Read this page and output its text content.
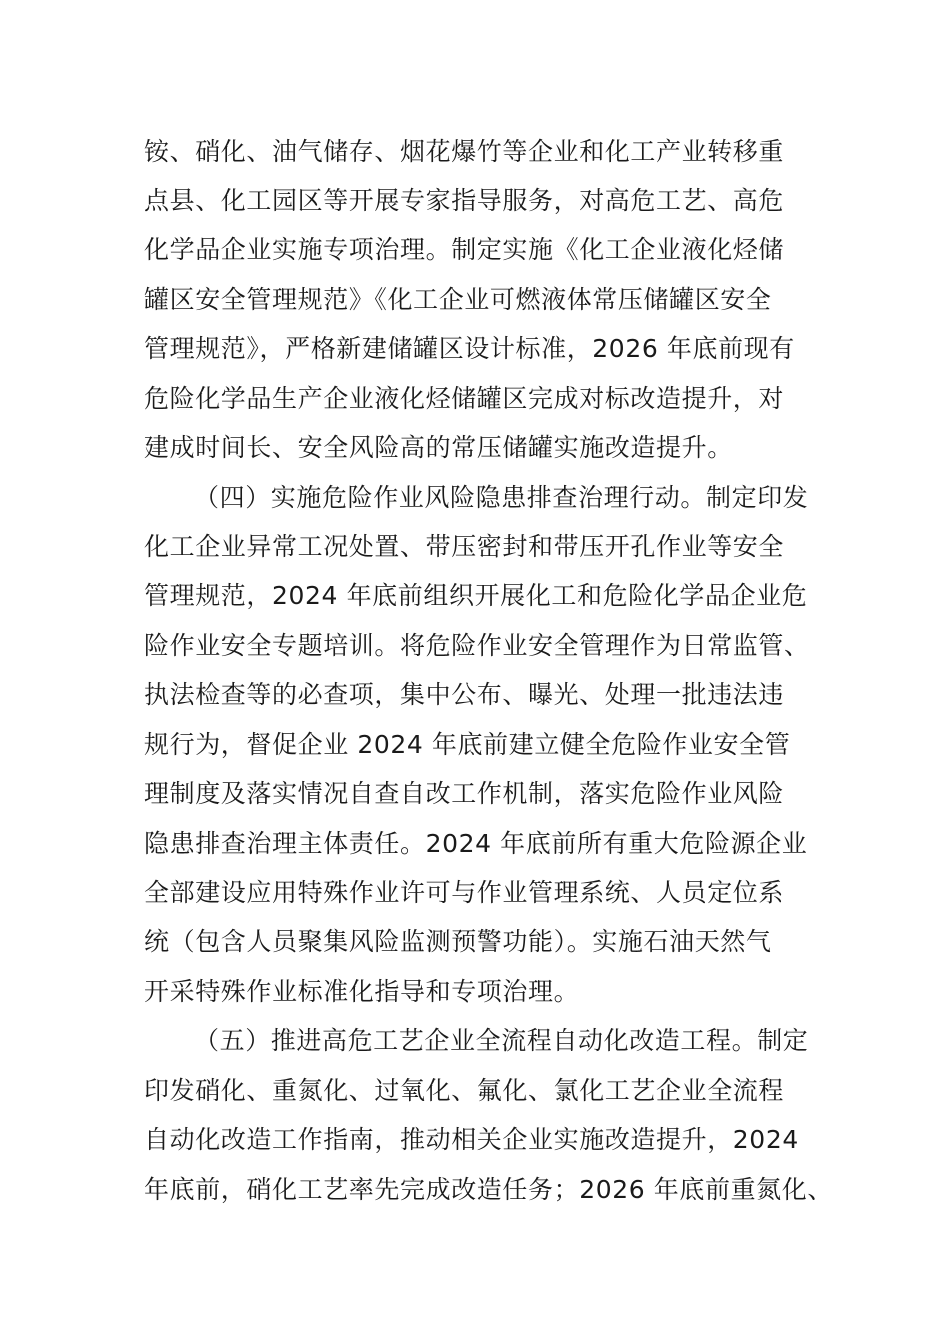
铵、硝化、油气储存、烟花爆竹等企业和化工产业转移重
点县、化工园区等开展专家指导服务，对高危工艺、高危
化学品企业实施专项治理。制定实施《化工企业液化烃储
罐区安全管理规范》《化工企业可燃液体常压储罐区安全
管理规范》，严格新建储罐区设计标准，2026 年底前现有
危险化学品生产企业液化烃储罐区完成对标改造提升，对
建成时间长、安全风险高的常压储罐实施改造提升。
（四）实施危险作业风险隐患排查治理行动。制定印发
化工企业异常工况处置、带压密封和带压开孔作业等安全
管理规范，2024 年底前组织开展化工和危险化学品企业危
险作业安全专题培训。将危险作业安全管理作为日常监管、
执法检查等的必查项，集中公布、曝光、处理一批违法违
规行为，督促企业 2024 年底前建立健全危险作业安全管
理制度及落实情况自查自改工作机制，落实危险作业风险
隐患排查治理主体责任。2024 年底前所有重大危险源企业
全部建设应用特殊作业许可与作业管理系统、人员定位系
统（包含人员聚集风险监测预警功能）。实施石油天然气
开采特殊作业标准化指导和专项治理。
（五）推进高危工艺企业全流程自动化改造工程。制定
印发硝化、重氮化、过氧化、氟化、氯化工艺企业全流程
自动化改造工作指南，推动相关企业实施改造提升，2024
年底前，硝化工艺率先完成改造任务；2026 年底前重氮化、
